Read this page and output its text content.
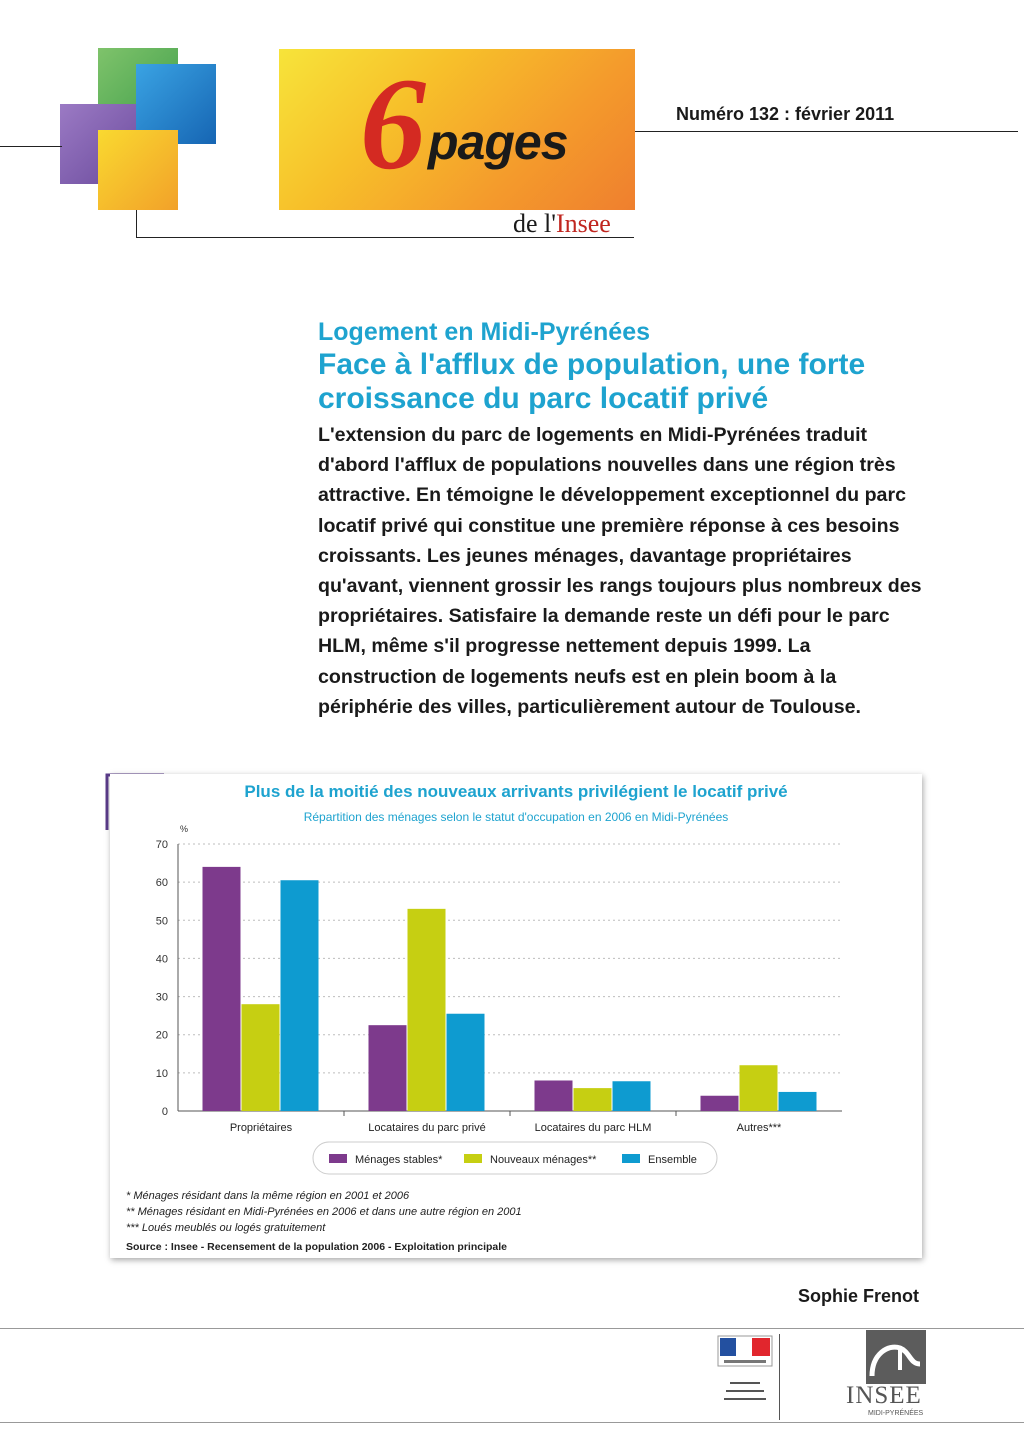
6 pages
de l'Insee
Numéro 132 : février 2011
Logement en Midi-Pyrénées
Face à l'afflux de population, une forte croissance du parc locatif privé
L'extension du parc de logements en Midi-Pyrénées traduit d'abord l'afflux de populations nouvelles dans une région très attractive. En témoigne le développement exceptionnel du parc locatif privé qui constitue une première réponse à ces besoins croissants. Les jeunes ménages, davantage propriétaires qu'avant, viennent grossir les rangs toujours plus nombreux des propriétaires. Satisfaire la demande reste un défi pour le parc HLM, même s'il progresse nettement depuis 1999. La construction de logements neufs est en plein boom à la périphérie des villes, particulièrement autour de Toulouse.
Plus de la moitié des nouveaux arrivants privilégient le locatif privé
Répartition des ménages selon le statut d'occupation en 2006 en Midi-Pyrénées
0
10
20
30
40
50
60
70
%
Propriétaires	Locataires du parc privé	Locataires du parc HLM	Autres***
Ménages stables*	Nouveaux ménages**	Ensemble
* Ménages résidant dans la même région en 2001 et 2006
** Ménages résidant en Midi-Pyrénées en 2006 et dans une autre région en 2001
*** Loués meublés ou logés gratuitement
Source : Insee - Recensement de la population 2006 - Exploitation principale
Sophie Frenot
INSEE
MIDI-PYRÉNÉES
